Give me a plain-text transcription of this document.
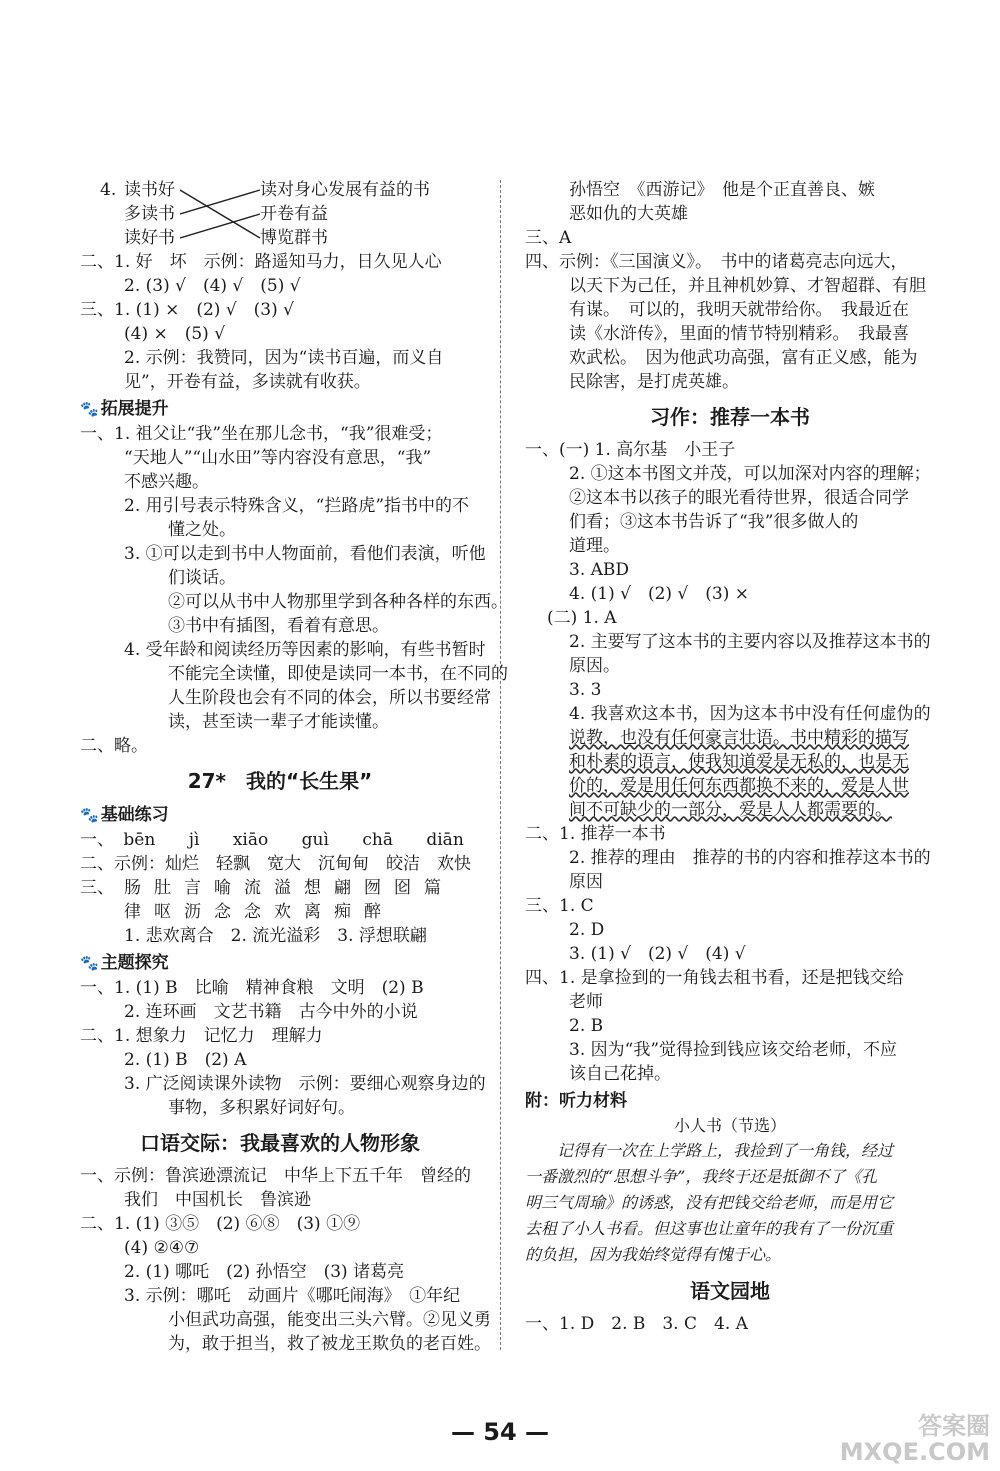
4. 读书好
多读书
读好书
读对身心发展有益的书
开卷有益
博览群书
二、1. 好　坏　示例：路遥知马力，日久见人心
2. (3) √　(4) √　(5) √
三、1. (1) ×　(2) √　(3) √
(4) ×　(5) √
2. 示例：我赞同，因为“读书百遍，而义自
见”，开卷有益，多读就有收获。
🐾 拓展提升
一、1. 祖父让“我”坐在那儿念书，“我”很难受；
“天地人”“山水田”等内容没有意思，“我”
不感兴趣。
2. 用引号表示特殊含义，“拦路虎”指书中的不
懂之处。
3. ①可以走到书中人物面前，看他们表演，听他
们谈话。
②可以从书中人物那里学到各种各样的东西。
③书中有插图，看着有意思。
4. 受年龄和阅读经历等因素的影响，有些书暂时
不能完全读懂，即使是读同一本书，在不同的
人生阶段也会有不同的体会，所以书要经常
读，甚至读一辈子才能读懂。
二、略。
27*　我的“长生果”
🐾 基础练习
一、 bēn jì xiāo guì chā diān
二、示例：灿烂　轻飘　宽大　沉甸甸　皎洁　欢快
三、 肠 肚 言 喻 流 溢 想 翩 囫 囵 篇
律 呕 沥 念 念 欢 离 痴 醉
1. 悲欢离合　2. 流光溢彩　3. 浮想联翩
🐾 主题探究
一、1. (1) B　比喻　精神食粮　文明　(2) B
2. 连环画　文艺书籍　古今中外的小说
二、1. 想象力　记忆力　理解力
2. (1) B　(2) A
3. 广泛阅读课外读物　示例：要细心观察身边的
事物，多积累好词好句。
口语交际：我最喜欢的人物形象
一、示例：鲁滨逊漂流记　中华上下五千年　曾经的
我们　中国机长　鲁滨逊
二、1. (1) ③⑤　(2) ⑥⑧　(3) ①⑨
(4) ②④⑦
2. (1) 哪吒　(2) 孙悟空　(3) 诸葛亮
3. 示例：哪吒　动画片《哪吒闹海》　①年纪
小但武功高强，能变出三头六臂。②见义勇
为，敢于担当，救了被龙王欺负的老百姓。
孙悟空　《西游记》　他是个正直善良、嫉
恶如仇的大英雄
三、A
四、示例：《三国演义》。　书中的诸葛亮志向远大，
以天下为己任，并且神机妙算、才智超群、有胆
有谋。　可以的，我明天就带给你。　我最近在
读《水浒传》，里面的情节特别精彩。　我最喜
欢武松。　因为他武功高强，富有正义感，能为
民除害，是打虎英雄。
习作：推荐一本书
一、(一) 1. 高尔基　小王子
2. ①这本书图文并茂，可以加深对内容的理解；
②这本书以孩子的眼光看待世界，很适合同学
们看；③这本书告诉了“我”很多做人的
道理。
3. ABD
4. (1) √　(2) √　(3) ×
(二) 1. A
2. 主要写了这本书的主要内容以及推荐这本书的
原因。
3. 3
4. 我喜欢这本书，因为这本书中没有任何虚伪的
说教，也没有任何豪言壮语。书中精彩的描写
和朴素的语言，使我知道爱是无私的，也是无
价的，爱是用任何东西都换不来的，爱是人世
间不可缺少的一部分，爱是人人都需要的。
二、1. 推荐一本书
2. 推荐的理由　推荐的书的内容和推荐这本书的
原因
三、1. C
2. D
3. (1) √　(2) √　(4) √
四、1. 是拿捡到的一角钱去租书看，还是把钱交给
老师
2. B
3. 因为“我”觉得捡到钱应该交给老师，不应
该自己花掉。
附：听力材料
小人书（节选）
记得有一次在上学路上，我捡到了一角钱，经过
一番激烈的“思想斗争”，我终于还是抵御不了《孔
明三气周瑜》的诱惑，没有把钱交给老师，而是用它
去租了小人书看。但这事也让童年的我有了一份沉重
的负担，因为我始终觉得有愧于心。
语文园地
一、1. D　2. B　3. C　4. A
— 54 —	答案圈
MXQE.COM
